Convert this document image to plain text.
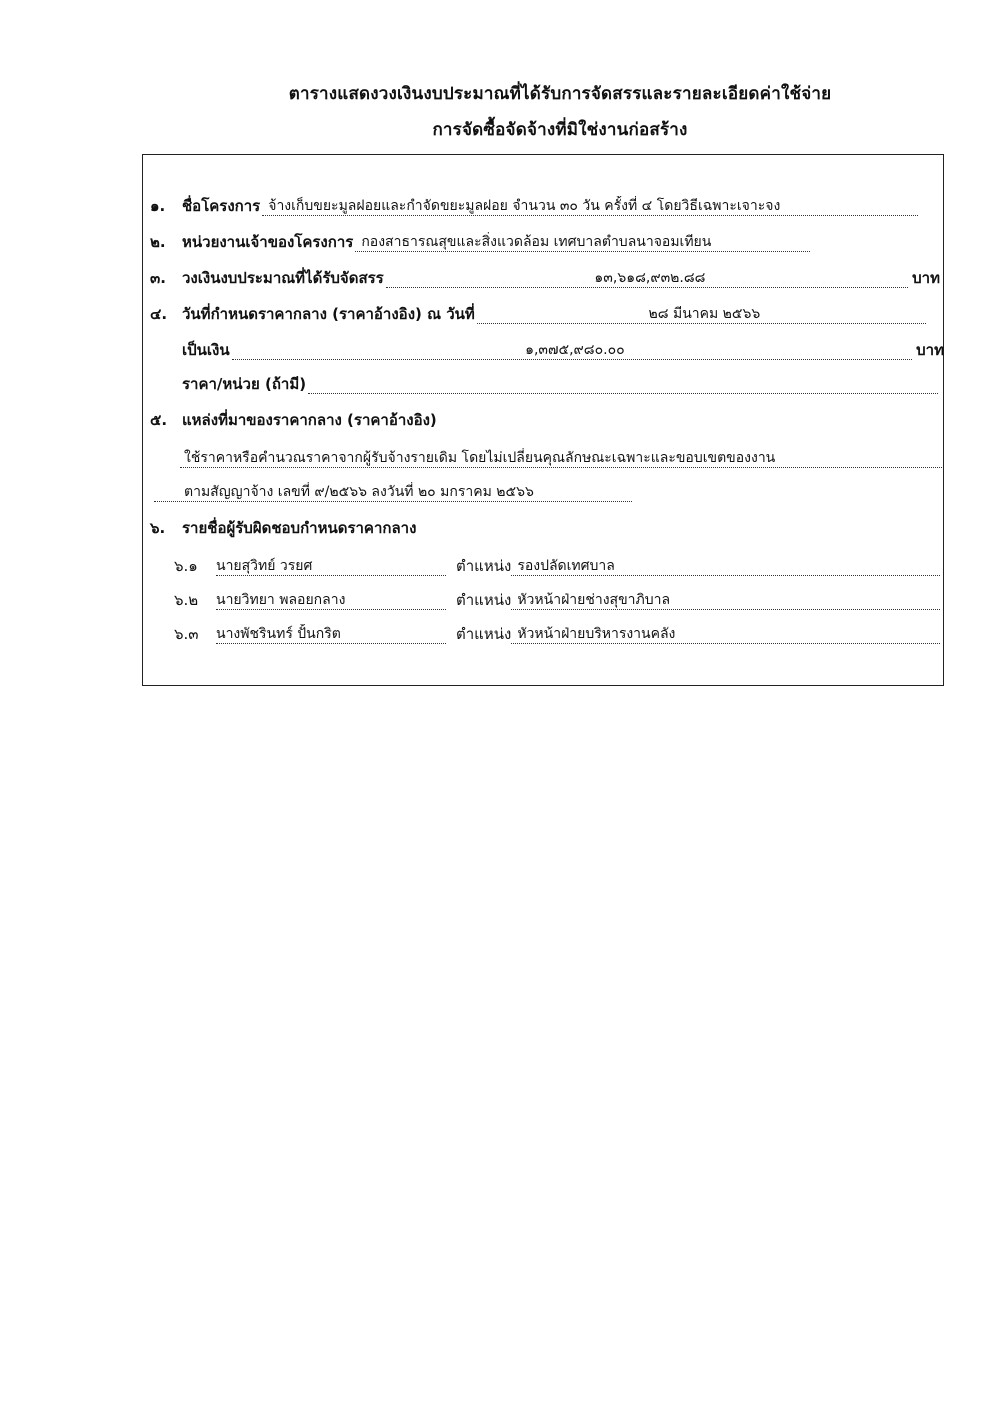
ตารางแสดงวงเงินงบประมาณที่ได้รับการจัดสรรและรายละเอียดค่าใช้จ่าย
การจัดซื้อจัดจ้างที่มิใช่งานก่อสร้าง
๑.	ชื่อโครงการ จ้างเก็บขยะมูลฝอยและกำจัดขยะมูลฝอย จำนวน ๓๐ วัน ครั้งที่ ๔ โดยวิธีเฉพาะเจาะจง
๒.	หน่วยงานเจ้าของโครงการ กองสาธารณสุขและสิ่งแวดล้อม เทศบาลตำบลนาจอมเทียน
๓.	วงเงินงบประมาณที่ได้รับจัดสรร	๑๓,๖๑๘,๙๓๒.๘๘	บาท
๔. วันที่กำหนดราคากลาง (ราคาอ้างอิง) ณ วันที่	๒๘ มีนาคม ๒๕๖๖
เป็นเงิน	๑,๓๗๕,๙๘๐.๐๐	บาท
ราคา/หน่วย (ถ้ามี)
๕. แหล่งที่มาของราคากลาง (ราคาอ้างอิง)
ใช้ราคาหรือคำนวณราคาจากผู้รับจ้างรายเดิม โดยไม่เปลี่ยนคุณลักษณะเฉพาะและขอบเขตของงาน
ตามสัญญาจ้าง เลขที่ ๙/๒๕๖๖ ลงวันที่ ๒๐ มกราคม ๒๕๖๖
๖.	รายชื่อผู้รับผิดชอบกำหนดราคากลาง
๖.๑	นายสุวิทย์ วรยศ	ตำแหน่ง รองปลัดเทศบาล
๖.๒	นายวิทยา พลอยกลาง	ตำแหน่ง หัวหน้าฝ่ายช่างสุขาภิบาล
๖.๓	นางพัชรินทร์ ปั้นกริต	ตำแหน่ง หัวหน้าฝ่ายบริหารงานคลัง
